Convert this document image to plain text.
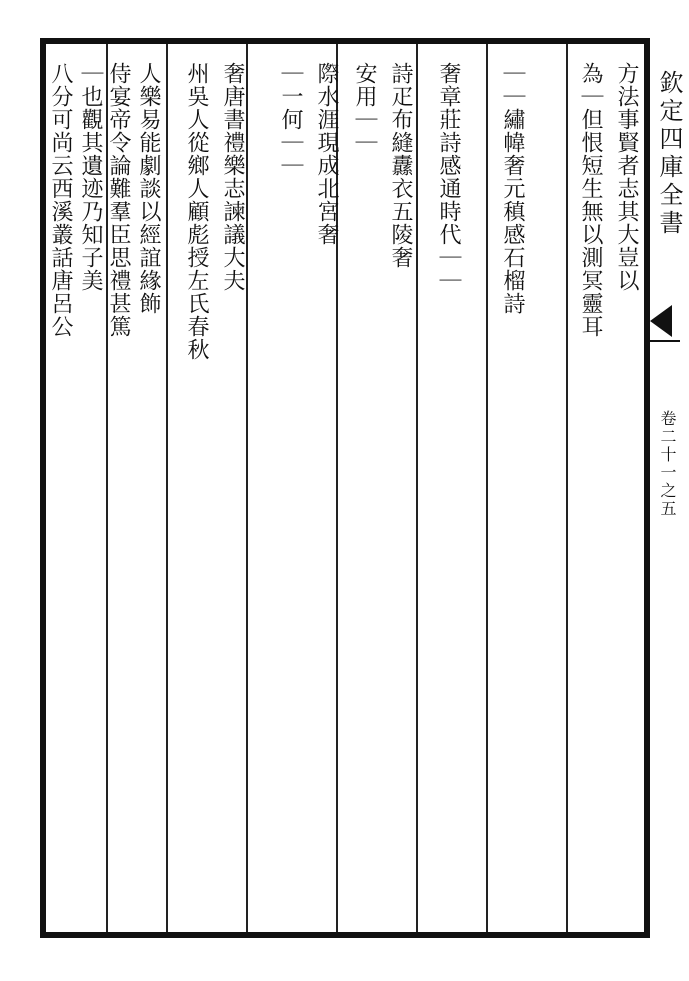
方法事賢者志其大豈以
為｜但恨短生無以測冥靈耳
｜｜繡幃奢元稹感石榴詩
奢章莊詩感通時代｜｜
詩疋布縫纛衣五陵奢
安用｜｜
際水涯現成北宮奢
｜一何｜｜
奢唐書禮樂志諫議大夫
州吳人從鄉人顧彪授左氏春秋
人樂易能劇談以經誼緣飾
侍宴帝令論難羣臣思禮甚篤
｜也觀其遺迹乃知子美
八分可尚云西溪叢話唐呂公	欽定四庫全書
卷二十一之五
